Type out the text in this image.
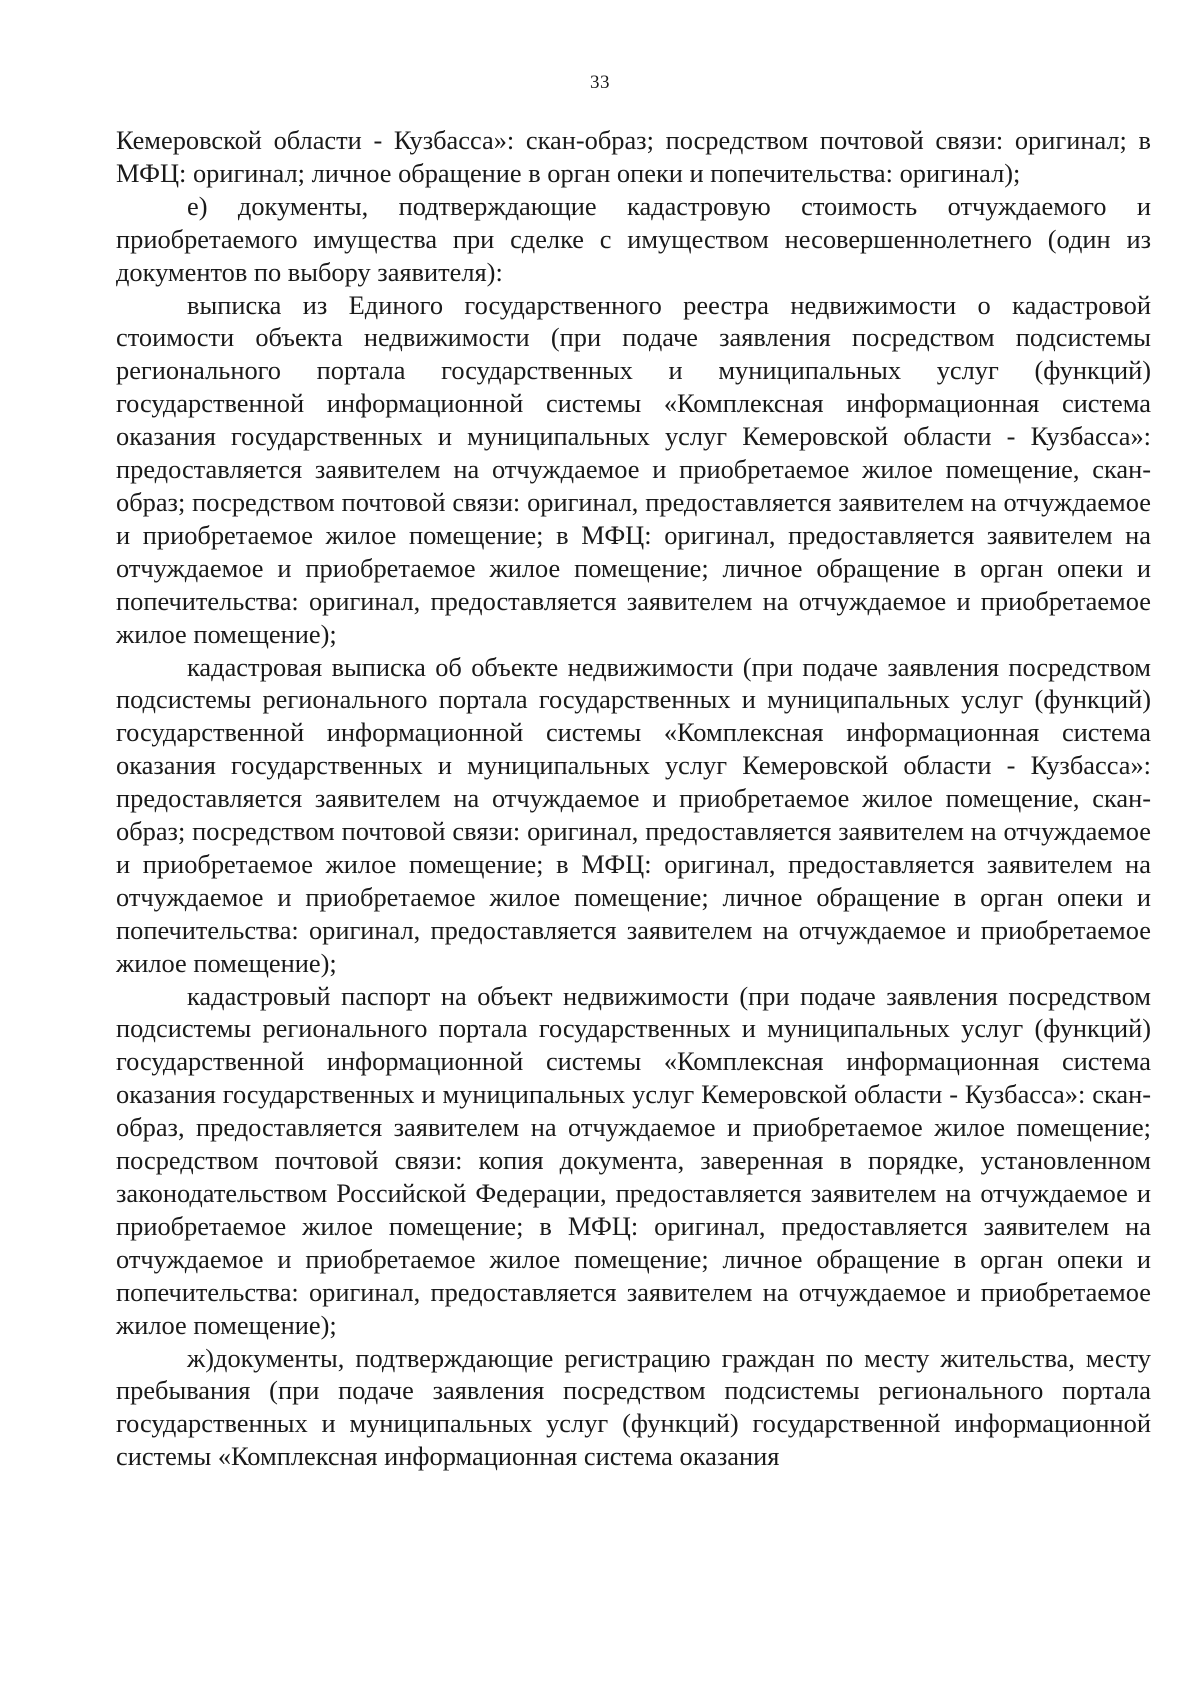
33

Кемеровской области - Кузбасса»: скан-образ; посредством почтовой связи: оригинал; в МФЦ: оригинал; личное обращение в орган опеки и попечительства: оригинал);

е) документы, подтверждающие кадастровую стоимость отчуждаемого и приобретаемого имущества при сделке с имуществом несовершеннолетнего (один из документов по выбору заявителя):

выписка из Единого государственного реестра недвижимости о кадастровой стоимости объекта недвижимости (при подаче заявления посредством подсистемы регионального портала государственных и муниципальных услуг (функций) государственной информационной системы «Комплексная информационная система оказания государственных и муниципальных услуг Кемеровской области - Кузбасса»: предоставляется заявителем на отчуждаемое и приобретаемое жилое помещение, скан-образ; посредством почтовой связи: оригинал, предоставляется заявителем на отчуждаемое и приобретаемое жилое помещение; в МФЦ: оригинал, предоставляется заявителем на отчуждаемое и приобретаемое жилое помещение; личное обращение в орган опеки и попечительства: оригинал, предоставляется заявителем на отчуждаемое и приобретаемое жилое помещение);

кадастровая выписка об объекте недвижимости (при подаче заявления посредством подсистемы регионального портала государственных и муниципальных услуг (функций) государственной информационной системы «Комплексная информационная система оказания государственных и муниципальных услуг Кемеровской области - Кузбасса»: предоставляется заявителем на отчуждаемое и приобретаемое жилое помещение, скан-образ; посредством почтовой связи: оригинал, предоставляется заявителем на отчуждаемое и приобретаемое жилое помещение; в МФЦ: оригинал, предоставляется заявителем на отчуждаемое и приобретаемое жилое помещение; личное обращение в орган опеки и попечительства: оригинал, предоставляется заявителем на отчуждаемое и приобретаемое жилое помещение);

кадастровый паспорт на объект недвижимости (при подаче заявления посредством подсистемы регионального портала государственных и муниципальных услуг (функций) государственной информационной системы «Комплексная информационная система оказания государственных и муниципальных услуг Кемеровской области - Кузбасса»: скан-образ, предоставляется заявителем на отчуждаемое и приобретаемое жилое помещение; посредством почтовой связи: копия документа, заверенная в порядке, установленном законодательством Российской Федерации, предоставляется заявителем на отчуждаемое и приобретаемое жилое помещение; в МФЦ: оригинал, предоставляется заявителем на отчуждаемое и приобретаемое жилое помещение; личное обращение в орган опеки и попечительства: оригинал, предоставляется заявителем на отчуждаемое и приобретаемое жилое помещение);

ж)документы, подтверждающие регистрацию граждан по месту жительства, месту пребывания (при подаче заявления посредством подсистемы регионального портала государственных и муниципальных услуг (функций) государственной информационной системы «Комплексная информационная система оказания
